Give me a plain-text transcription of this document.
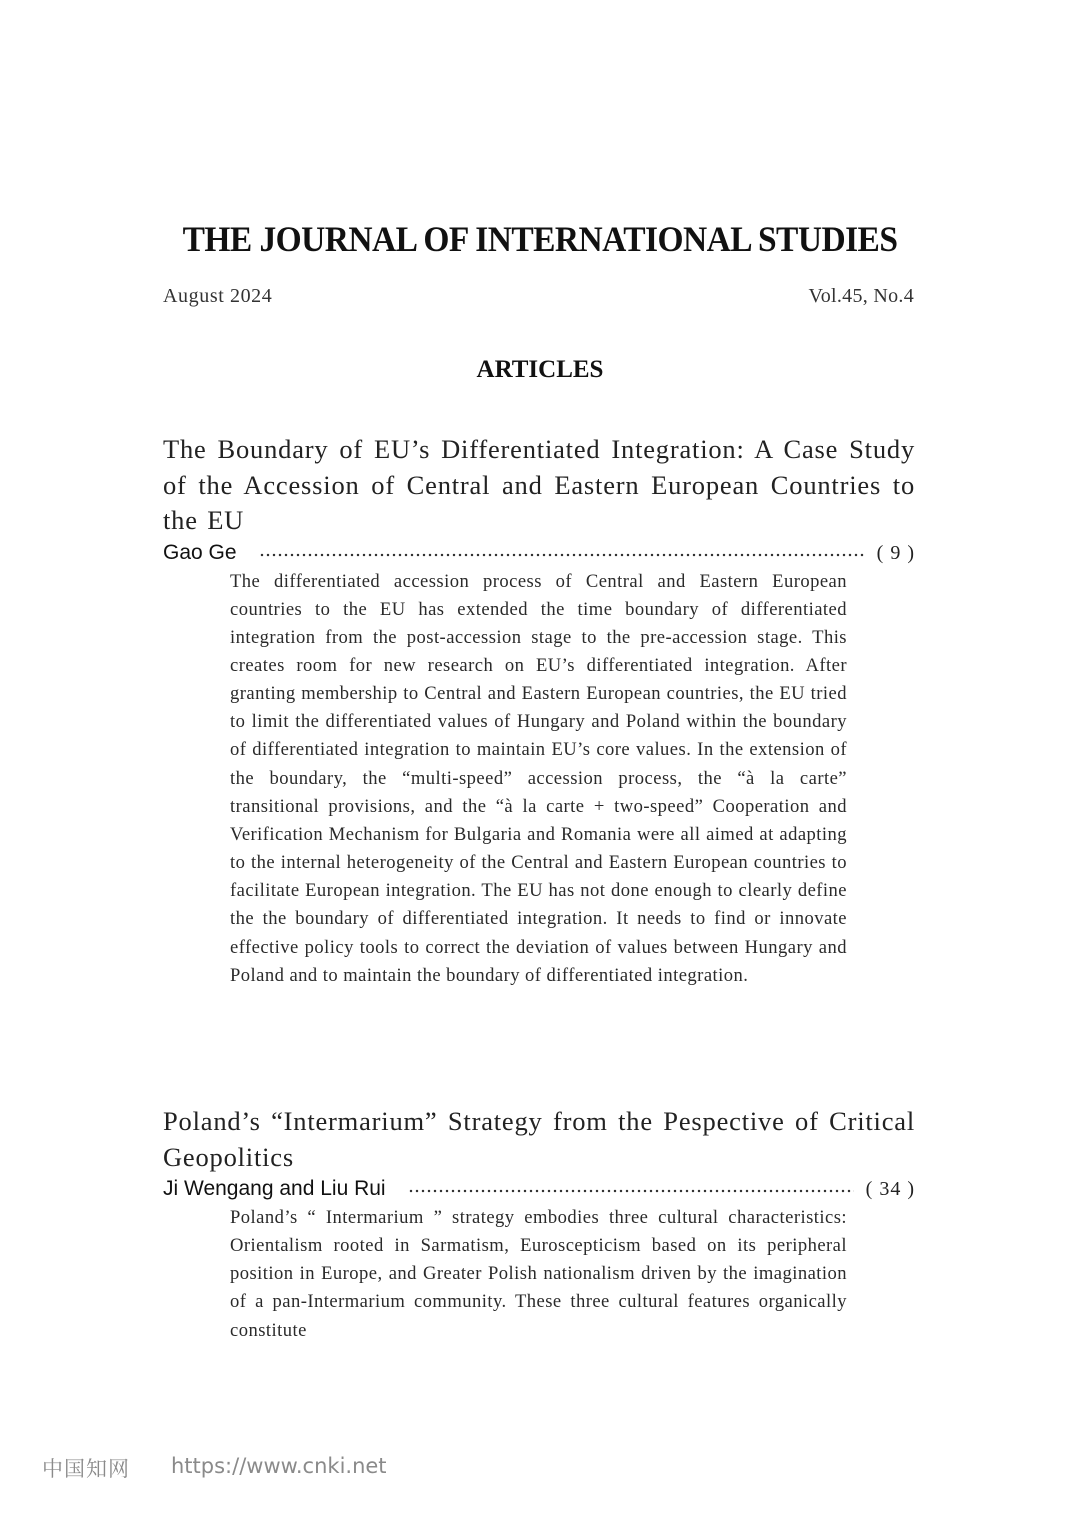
THE JOURNAL OF INTERNATIONAL STUDIES
August 2024	Vol.45, No.4
ARTICLES
The Boundary of EU’s Differentiated Integration: A Case Study of the Accession of Central and Eastern European Countries to the EU
Gao Ge	( 9 )
The differentiated accession process of Central and Eastern European countries to the EU has extended the time boundary of differentiated integration from the post-accession stage to the pre-accession stage. This creates room for new research on EU’s differentiated integration. After granting membership to Central and Eastern European countries, the EU tried to limit the differentiated values of Hungary and Poland within the boundary of differentiated integration to maintain EU’s core values. In the extension of the boundary, the “multi-speed” accession process, the “à la carte” transitional provisions, and the “à la carte + two-speed” Cooperation and Verification Mechanism for Bulgaria and Romania were all aimed at adapting to the internal heterogeneity of the Central and Eastern European countries to facilitate European integration. The EU has not done enough to clearly define the the boundary of differentiated integration. It needs to find or innovate effective policy tools to correct the deviation of values between Hungary and Poland and to maintain the boundary of differentiated integration.
Poland’s “Intermarium” Strategy from the Pespective of Critical Geopolitics
Ji Wengang and Liu Rui	( 34 )
Poland’s “ Intermarium ” strategy embodies three cultural characteristics: Orientalism rooted in Sarmatism, Euroscepticism based on its peripheral position in Europe, and Greater Polish nationalism driven by the imagination of a pan-Intermarium community. These three cultural features organically constitute
中国知网 https://www.cnki.net
